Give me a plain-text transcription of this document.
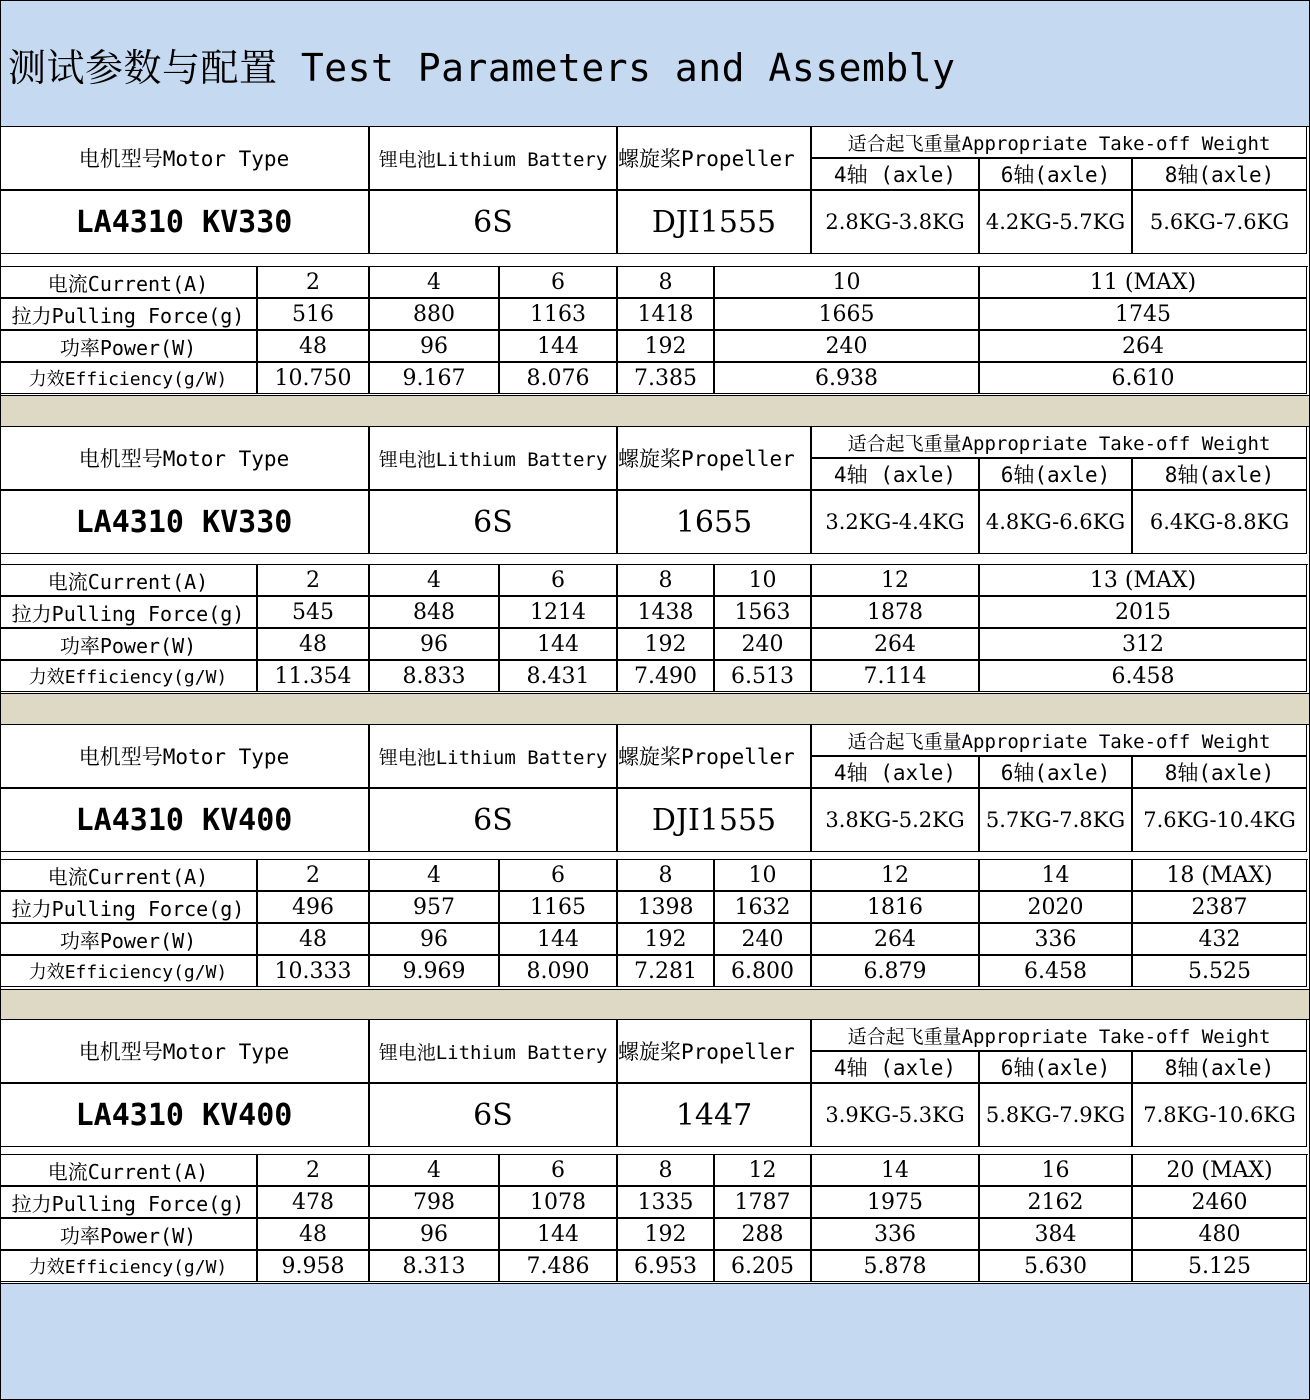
测试参数与配置 Test Parameters and Assembly
电机型号Motor Type	锂电池Lithium Battery 螺旋桨Propeller
适合起飞重量Appropriate Take-off Weight
4轴 (axle)	6轴(axle)	8轴(axle)
LA4310 KV330	6S	DJI1555	2.8KG-3.8KG	4.2KG-5.7KG	5.6KG-7.6KG
电流Current(A)	2	4	6	8	10	11 (MAX)
拉力Pulling Force(g)	516	880	1163	1418	1665	1745
功率Power(W)	48	96	144	192	240	264
力效Efficiency(g/W)	10.750	9.167	8.076	7.385	6.938	6.610
电机型号Motor Type	锂电池Lithium Battery 螺旋桨Propeller
适合起飞重量Appropriate Take-off Weight
4轴 (axle)	6轴(axle)	8轴(axle)
LA4310 KV330	6S	1655	3.2KG-4.4KG	4.8KG-6.6KG	6.4KG-8.8KG
电流Current(A)	2	4	6	8	10	12	13 (MAX)
拉力Pulling Force(g)	545	848	1214	1438	1563	1878	2015
功率Power(W)	48	96	144	192	240	264	312
力效Efficiency(g/W)	11.354	8.833	8.431	7.490	6.513	7.114	6.458
电机型号Motor Type	锂电池Lithium Battery 螺旋桨Propeller
适合起飞重量Appropriate Take-off Weight
4轴 (axle)	6轴(axle)	8轴(axle)
LA4310 KV400	6S	DJI1555	3.8KG-5.2KG	5.7KG-7.8KG 7.6KG-10.4KG
电流Current(A)	2	4	6	8	10	12	14	18 (MAX)
拉力Pulling Force(g)	496	957	1165	1398	1632	1816	2020	2387
功率Power(W)	48	96	144	192	240	264	336	432
力效Efficiency(g/W)	10.333	9.969	8.090	7.281	6.800	6.879	6.458	5.525
电机型号Motor Type	锂电池Lithium Battery 螺旋桨Propeller
适合起飞重量Appropriate Take-off Weight
4轴 (axle)	6轴(axle)	8轴(axle)
LA4310 KV400	6S	1447	3.9KG-5.3KG	5.8KG-7.9KG 7.8KG-10.6KG
电流Current(A)	2	4	6	8	12	14	16	20 (MAX)
拉力Pulling Force(g)	478	798	1078	1335	1787	1975	2162	2460
功率Power(W)	48	96	144	192	288	336	384	480
力效Efficiency(g/W)	9.958	8.313	7.486	6.953	6.205	5.878	5.630	5.125
